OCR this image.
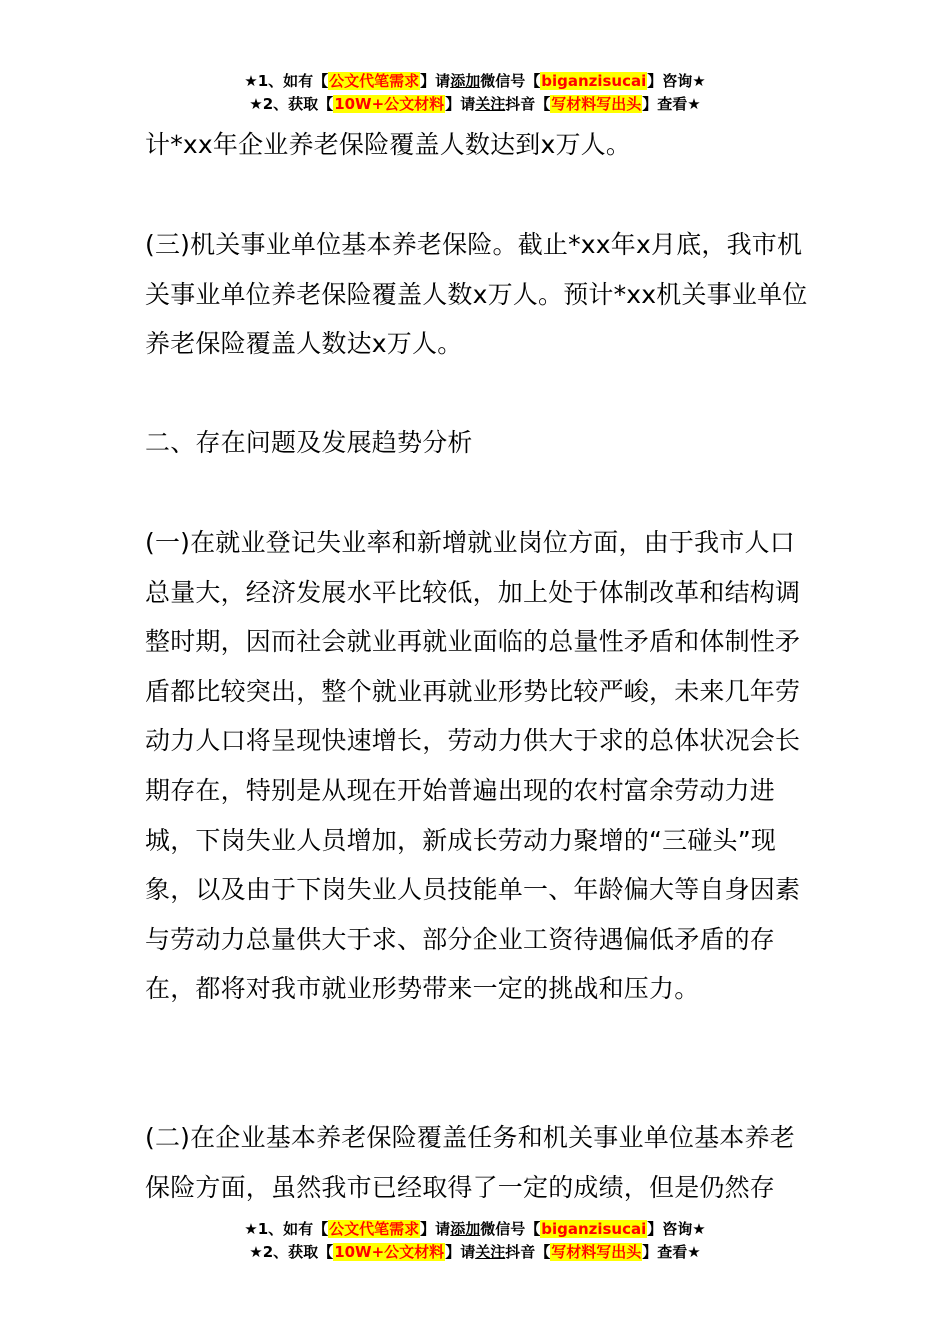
★1、如有【公文代笔需求】请添加微信号【biganzisucai】咨询★
★2、获取【10W+公文材料】请关注抖音【写材料写出头】查看★

计*xx年企业养老保险覆盖人数达到x万人。

(三)机关事业单位基本养老保险。截止*xx年x月底，我市机关事业单位养老保险覆盖人数x万人。预计*xx机关事业单位养老保险覆盖人数达x万人。

二、存在问题及发展趋势分析

(一)在就业登记失业率和新增就业岗位方面，由于我市人口总量大，经济发展水平比较低，加上处于体制改革和结构调整时期，因而社会就业再就业面临的总量性矛盾和体制性矛盾都比较突出，整个就业再就业形势比较严峻，未来几年劳动力人口将呈现快速增长，劳动力供大于求的总体状况会长期存在，特别是从现在开始普遍出现的农村富余劳动力进城，下岗失业人员增加，新成长劳动力聚增的“三碰头”现象，以及由于下岗失业人员技能单一、年龄偏大等自身因素与劳动力总量供大于求、部分企业工资待遇偏低矛盾的存在，都将对我市就业形势带来一定的挑战和压力。

(二)在企业基本养老保险覆盖任务和机关事业单位基本养老保险方面，虽然我市已经取得了一定的成绩，但是仍然存

★1、如有【公文代笔需求】请添加微信号【biganzisucai】咨询★
★2、获取【10W+公文材料】请关注抖音【写材料写出头】查看★
